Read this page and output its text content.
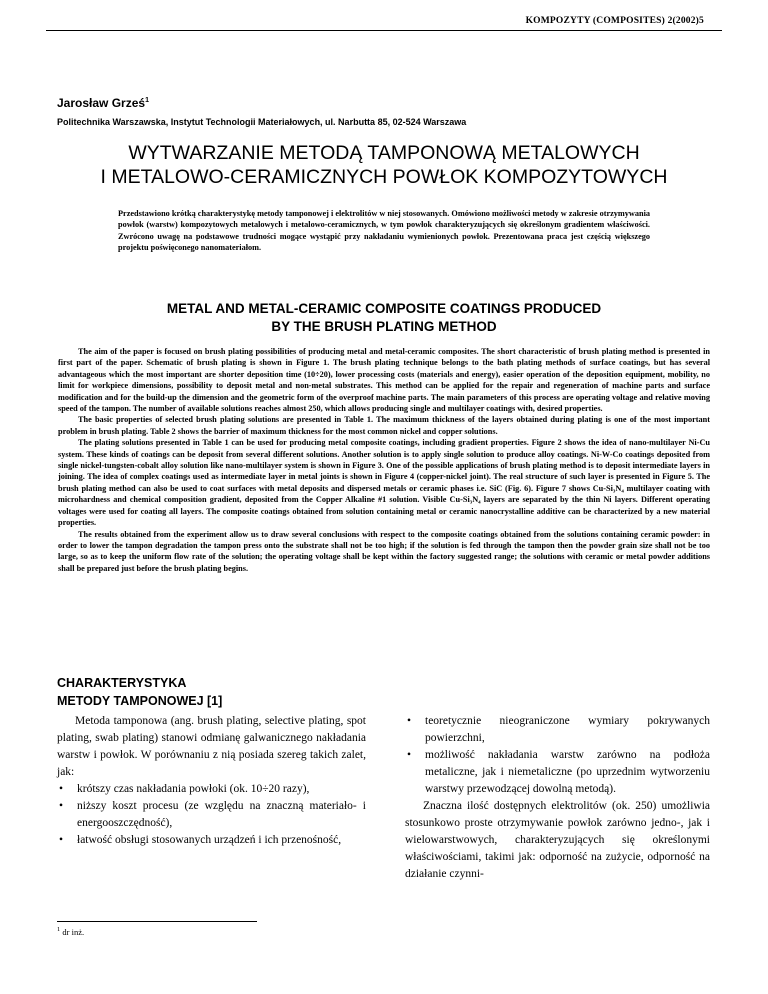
KOMPOZYTY (COMPOSITES) 2(2002)5
Jarosław Grześ$^1$
Politechnika Warszawska, Instytut Technologii Materiałowych, ul. Narbutta 85, 02-524 Warszawa
WYTWARZANIE METODĄ TAMPONOWĄ METALOWYCH
I METALOWO-CERAMICZNYCH POWŁOK KOMPOZYTOWYCH

Przedstawiono krótką charakterystykę metody tamponowej i elektrolitów w niej stosowanych. Omówiono możliwości metody w zakresie otrzymywania powłok (warstw) kompozytowych metalowych i metalowo-ceramicznych, w tym powłok charakteryzujących się określonym gradientem właściwości. Zwrócono uwagę na podstawowe trudności mogące wystąpić przy nakładaniu wymienionych powłok. Prezentowana praca jest częścią większego projektu poświęconego nanomateriałom.

METAL AND METAL-CERAMIC COMPOSITE COATINGS PRODUCED
BY THE BRUSH PLATING METHOD

The aim of the paper is focused on brush plating possibilities of producing metal and metal-ceramic composites. The short characteristic of brush plating method is presented in first part of the paper. Schematic of brush plating is shown in Figure 1. The brush plating technique belongs to the bath plating methods of surface coatings, but has several advantageous which the most important are shorter deposition time (10÷20), lower processing costs (materials and energy), easier operation of the deposition equipment, mobility, no limit for workpiece dimensions, possibility to deposit metal and non-metal substrates. This method can be applied for the repair and regeneration of machine parts and surface modification and for the build-up the dimension and the geometric form of the overproof machine parts. The main parameters of this process are operating voltage and relative moving speed of the tampon. The number of available solutions reaches almost 250, which allows producing single and multilayer coatings with, desired properties.

The basic properties of selected brush plating solutions are presented in Table 1. The maximum thickness of the layers obtained during plating is one of the most important problem in brush plating. Table 2 shows the barrier of maximum thickness for the most common nickel and copper solutions.

The plating solutions presented in Table 1 can be used for producing metal composite coatings, including gradient properties. Figure 2 shows the idea of nano-multilayer Ni-Cu system. These kinds of coatings can be deposit from several different solutions. Another solution is to apply single solution to produce alloy coatings. Ni-W-Co coatings deposited from single nickel-tungsten-cobalt alloy solution like nano-multilayer system is shown in Figure 3. One of the possible applications of brush plating method is to deposit intermediate layers in joining. The idea of complex coatings used as intermediate layer in metal joints is shown in Figure 4 (copper-nickel joint). The real structure of such layer is presented in Figure 5. The brush plating method can also be used to coat surfaces with metal deposits and dispersed metals or ceramic phases i.e. SiC (Fig. 6). Figure 7 shows Cu-Si₃N₄ multilayer coating with microhardness and chemical composition gradient, deposited from the Copper Alkaline #1 solution. Visible Cu-Si₃N₄ layers are separated by the thin Ni layers. Different operating voltages were used for coating all layers. The composite coatings obtained from solution containing metal or ceramic nanocrystalline additive can be characterized by a new material properties.

The results obtained from the experiment allow us to draw several conclusions with respect to the composite coatings obtained from the solutions containing ceramic powder: in order to lower the tampon degradation the tampon press onto the substrate shall not be too high; if the solution is fed through the tampon then the powder grain size shall not be too large, so as to keep the uniform flow rate of the solution; the operating voltage shall be kept within the factory suggested range; the solutions with ceramic or metal powder additions shall be prepared just before the brush plating begins.

CHARAKTERYSTYKA
METODY TAMPONOWEJ [1]

Metoda tamponowa (ang. brush plating, selective plating, spot plating, swab plating) stanowi odmianę galwanicznego nakładania warstw i powłok. W porównaniu z nią posiada szereg takich zalet, jak:

• krótszy czas nakładania powłoki (ok. 10÷20 razy),
• niższy koszt procesu (ze względu na znaczną materiało- i energooszczędność),
• łatwość obsługi stosowanych urządzeń i ich przenośność,
• teoretycznie nieograniczone wymiary pokrywanych powierzchni,
• możliwość nakładania warstw zarówno na podłoża metaliczne, jak i niemetaliczne (po uprzednim wytworzeniu warstwy przewodzącej dowolną metodą).

Znaczna ilość dostępnych elektrolitów (ok. 250) umożliwia stosunkowo proste otrzymywanie powłok zarówno jedno-, jak i wielowarstwowych, charakteryzujących się określonymi właściwościami, takimi jak: odporność na zużycie, odporność na działanie czynni-

$^1$ dr inż.
